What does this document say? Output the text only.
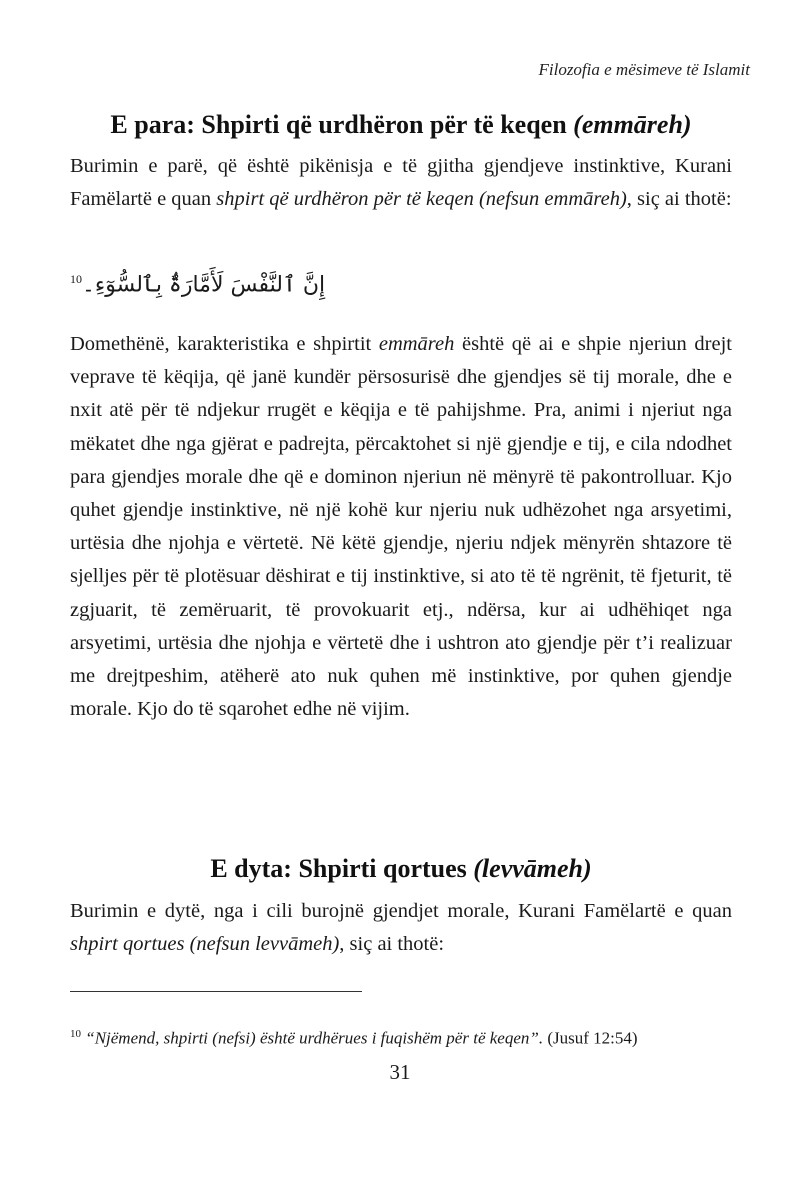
Filozofia e mësimeve të Islamit
E para: Shpirti që urdhëron për të keqen (emmāreh)

Burimin e parë, që është pikënisja e të gjitha gjendjeve instinktive, Kurani Famëlartë e quan shpirt që urdhëron për të keqen (nefsun emmāreh), siç ai thotë:

إِنَّ ٱلنَّفْسَ لَأَمَّارَةٌۢ بِٱلسُّوٓءِ۔$^{10}$

Domethënë, karakteristika e shpirtit emmāreh është që ai e shpie njeriun drejt veprave të këqija, që janë kundër përsosurisë dhe gjendjes së tij morale, dhe e nxit atë për të ndjekur rrugët e këqija e të pahijshme. Pra, animi i njeriut nga mëkatet dhe nga gjërat e padrejta, përcaktohet si një gjendje e tij, e cila ndodhet para gjendjes morale dhe që e dominon njeriun në mënyrë të pakontrolluar. Kjo quhet gjendje instinktive, në një kohë kur njeriu nuk udhëzohet nga arsyetimi, urtësia dhe njohja e vërtetë. Në këtë gjendje, njeriu ndjek mënyrën shtazore të sjelljes për të plotësuar dëshirat e tij instinktive, si ato të të ngrënit, të fjeturit, të zgjuarit, të zemëruarit, të provokuarit etj., ndërsa, kur ai udhëhiqet nga arsyetimi, urtësia dhe njohja e vërtetë dhe i ushtron ato gjendje për t’i realizuar me drejtpeshim, atëherë ato nuk quhen më instinktive, por quhen gjendje morale. Kjo do të sqarohet edhe në vijim.

E dyta: Shpirti qortues (levvāmeh)

Burimin e dytë, nga i cili burojnë gjendjet morale, Kurani Famëlartë e quan shpirt qortues (nefsun levvāmeh), siç ai thotë:

$^{10}$ “Njëmend, shpirti (nefsi) është urdhërues i fuqishëm për të keqen”. (Jusuf 12:54)
31
